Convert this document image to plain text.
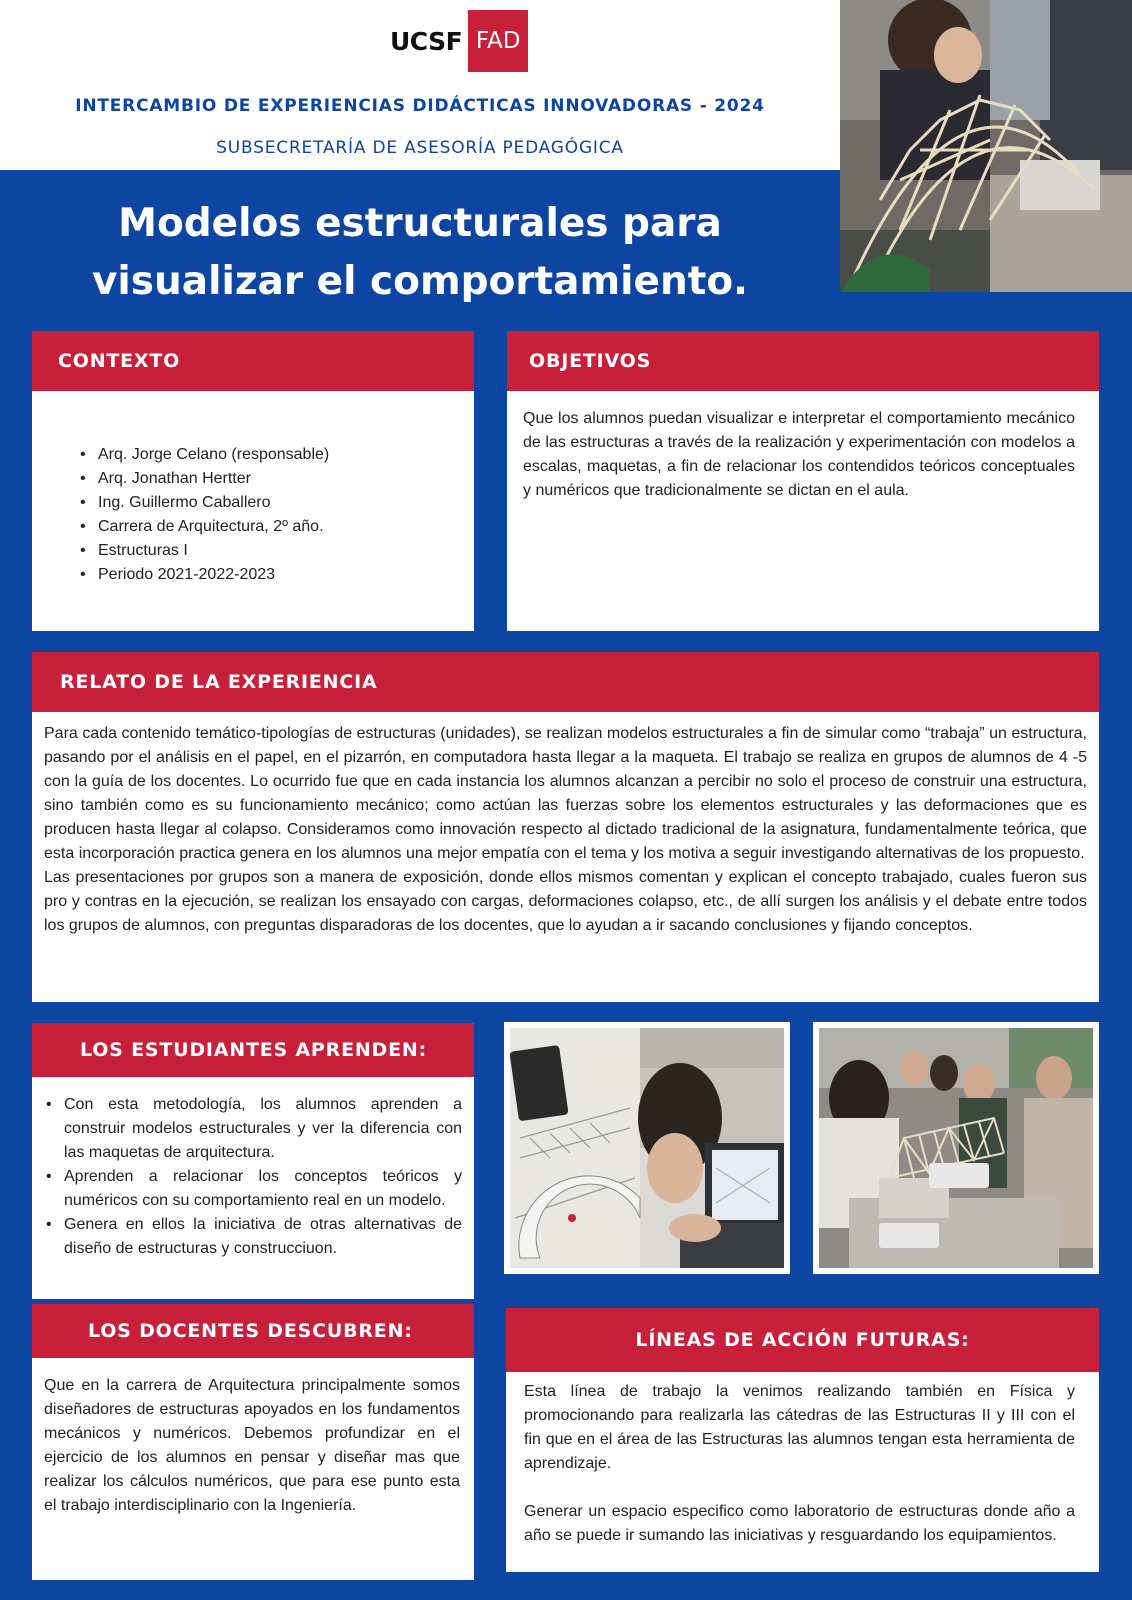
UCSF FAD
INTERCAMBIO DE EXPERIENCIAS DIDÁCTICAS INNOVADORAS - 2024
SUBSECRETARÍA DE ASESORÍA PEDAGÓGICA
Modelos estructurales para
visualizar el comportamiento.
CONTEXTO
• Arq. Jorge Celano (responsable)
• Arq. Jonathan Hertter
• Ing. Guillermo Caballero
• Carrera de Arquitectura, 2º año.
• Estructuras I
• Periodo 2021-2022-2023
OBJETIVOS

Que los alumnos puedan visualizar e interpretar el comportamiento mecánico de las estructuras a través de la realización y experimentación con modelos a escalas, maquetas, a fin de relacionar los contendidos teóricos conceptuales y numéricos que tradicionalmente se dictan en el aula.

RELATO DE LA EXPERIENCIA

Para cada contenido temático-tipologías de estructuras (unidades), se realizan modelos estructurales a fin de simular como “trabaja” un estructura, pasando por el análisis en el papel, en el pizarrón, en computadora hasta llegar a la maqueta. El trabajo se realiza en grupos de alumnos de 4 -5 con la guía de los docentes. Lo ocurrido fue que en cada instancia los alumnos alcanzan a percibir no solo el proceso de construir una estructura, sino también como es su funcionamiento mecánico; como actúan las fuerzas sobre los elementos estructurales y las deformaciones que es producen hasta llegar al colapso. Consideramos como innovación respecto al dictado tradicional de la asignatura, fundamentalmente teórica, que esta incorporación practica genera en los alumnos una mejor empatía con el tema y los motiva a seguir investigando alternativas de los propuesto.

Las presentaciones por grupos son a manera de exposición, donde ellos mismos comentan y explican el concepto trabajado, cuales fueron sus pro y contras en la ejecución, se realizan los ensayado con cargas, deformaciones colapso, etc., de allí surgen los análisis y el debate entre todos los grupos de alumnos, con preguntas disparadoras de los docentes, que lo ayudan a ir sacando conclusiones y fijando conceptos.

LOS ESTUDIANTES APRENDEN:
• Con esta metodología, los alumnos aprenden a construir modelos estructurales y ver la diferencia con las maquetas de arquitectura.
• Aprenden a relacionar los conceptos teóricos y numéricos con su comportamiento real en un modelo.
• Genera en ellos la iniciativa de otras alternativas de diseño de estructuras y construcciuon.
LOS DOCENTES DESCUBREN:

Que en la carrera de Arquitectura principalmente somos diseñadores de estructuras apoyados en los fundamentos mecánicos y numéricos. Debemos profundizar en el ejercicio de los alumnos en pensar y diseñar mas que realizar los cálculos numéricos, que para ese punto esta el trabajo interdisciplinario con la Ingeniería.

LÍNEAS DE ACCIÓN FUTURAS:

Esta línea de trabajo la venimos realizando también en Física y promocionando para realizarla las cátedras de las Estructuras II y III con el fin que en el área de las Estructuras las alumnos tengan esta herramienta de aprendizaje.

Generar un espacio especifico como laboratorio de estructuras donde año a año se puede ir sumando las iniciativas y resguardando los equipamientos.
